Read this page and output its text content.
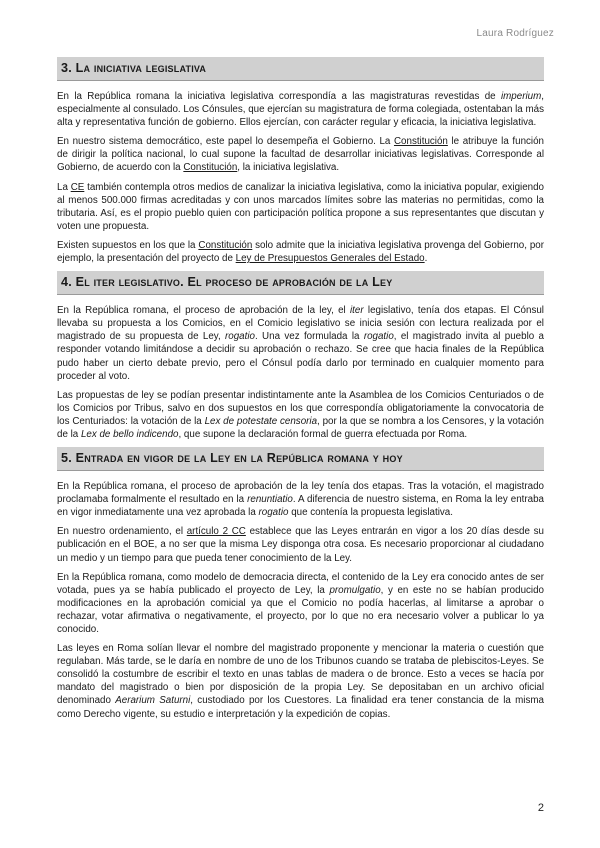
Laura Rodríguez
3. La iniciativa legislativa

En la República romana la iniciativa legislativa correspondía a las magistraturas revestidas de imperium, especialmente al consulado. Los Cónsules, que ejercían su magistratura de forma colegiada, ostentaban la más alta y representativa función de gobierno. Ellos ejercían, con carácter regular y eficacia, la iniciativa legislativa.

En nuestro sistema democrático, este papel lo desempeña el Gobierno. La Constitución le atribuye la función de dirigir la política nacional, lo cual supone la facultad de desarrollar iniciativas legislativas. Corresponde al Gobierno, de acuerdo con la Constitución, la iniciativa legislativa.

La CE también contempla otros medios de canalizar la iniciativa legislativa, como la iniciativa popular, exigiendo al menos 500.000 firmas acreditadas y con unos marcados límites sobre las materias no permitidas, como la tributaria. Así, es el propio pueblo quien con participación política propone a sus representantes que discutan y voten une propuesta.

Existen supuestos en los que la Constitución solo admite que la iniciativa legislativa provenga del Gobierno, por ejemplo, la presentación del proyecto de Ley de Presupuestos Generales del Estado.

4. El iter legislativo. El proceso de aprobación de la Ley

En la República romana, el proceso de aprobación de la ley, el iter legislativo, tenía dos etapas. El Cónsul llevaba su propuesta a los Comicios, en el Comicio legislativo se inicia sesión con lectura realizada por el magistrado de su propuesta de Ley, rogatio. Una vez formulada la rogatio, el magistrado invita al pueblo a responder votando limitándose a decidir su aprobación o rechazo. Se cree que hacia finales de la República pudo haber un cierto debate previo, pero el Cónsul podía darlo por terminado en cualquier momento para proceder al voto.

Las propuestas de ley se podían presentar indistintamente ante la Asamblea de los Comicios Centuriados o de los Comicios por Tribus, salvo en dos supuestos en los que correspondía obligatoriamente la convocatoria de los Centuriados: la votación de la Lex de potestate censoria, por la que se nombra a los Censores, y la votación de la Lex de bello indicendo, que supone la declaración formal de guerra efectuada por Roma.

5. Entrada en vigor de la Ley en la República romana y hoy

En la República romana, el proceso de aprobación de la ley tenía dos etapas. Tras la votación, el magistrado proclamaba formalmente el resultado en la renuntiatio. A diferencia de nuestro sistema, en Roma la ley entraba en vigor inmediatamente una vez aprobada la rogatio que contenía la propuesta legislativa.

En nuestro ordenamiento, el artículo 2 CC establece que las Leyes entrarán en vigor a los 20 días desde su publicación en el BOE, a no ser que la misma Ley disponga otra cosa. Es necesario proporcionar al ciudadano un medio y un tiempo para que pueda tener conocimiento de la Ley.

En la República romana, como modelo de democracia directa, el contenido de la Ley era conocido antes de ser votada, pues ya se había publicado el proyecto de Ley, la promulgatio, y en este no se habían producido modificaciones en la aprobación comicial ya que el Comicio no podía hacerlas, al limitarse a aprobar o rechazar, votar afirmativa o negativamente, el proyecto, por lo que no era necesario volver a publicar lo ya conocido.

Las leyes en Roma solían llevar el nombre del magistrado proponente y mencionar la materia o cuestión que regulaban. Más tarde, se le daría en nombre de uno de los Tribunos cuando se trataba de plebiscitos-Leyes. Se consolidó la costumbre de escribir el texto en unas tablas de madera o de bronce. Esto a veces se hacía por mandato del magistrado o bien por disposición de la propia Ley. Se depositaban en un archivo oficial denominado Aerarium Saturni, custodiado por los Cuestores. La finalidad era tener constancia de la misma como Derecho vigente, su estudio e interpretación y la expedición de copias.

2
